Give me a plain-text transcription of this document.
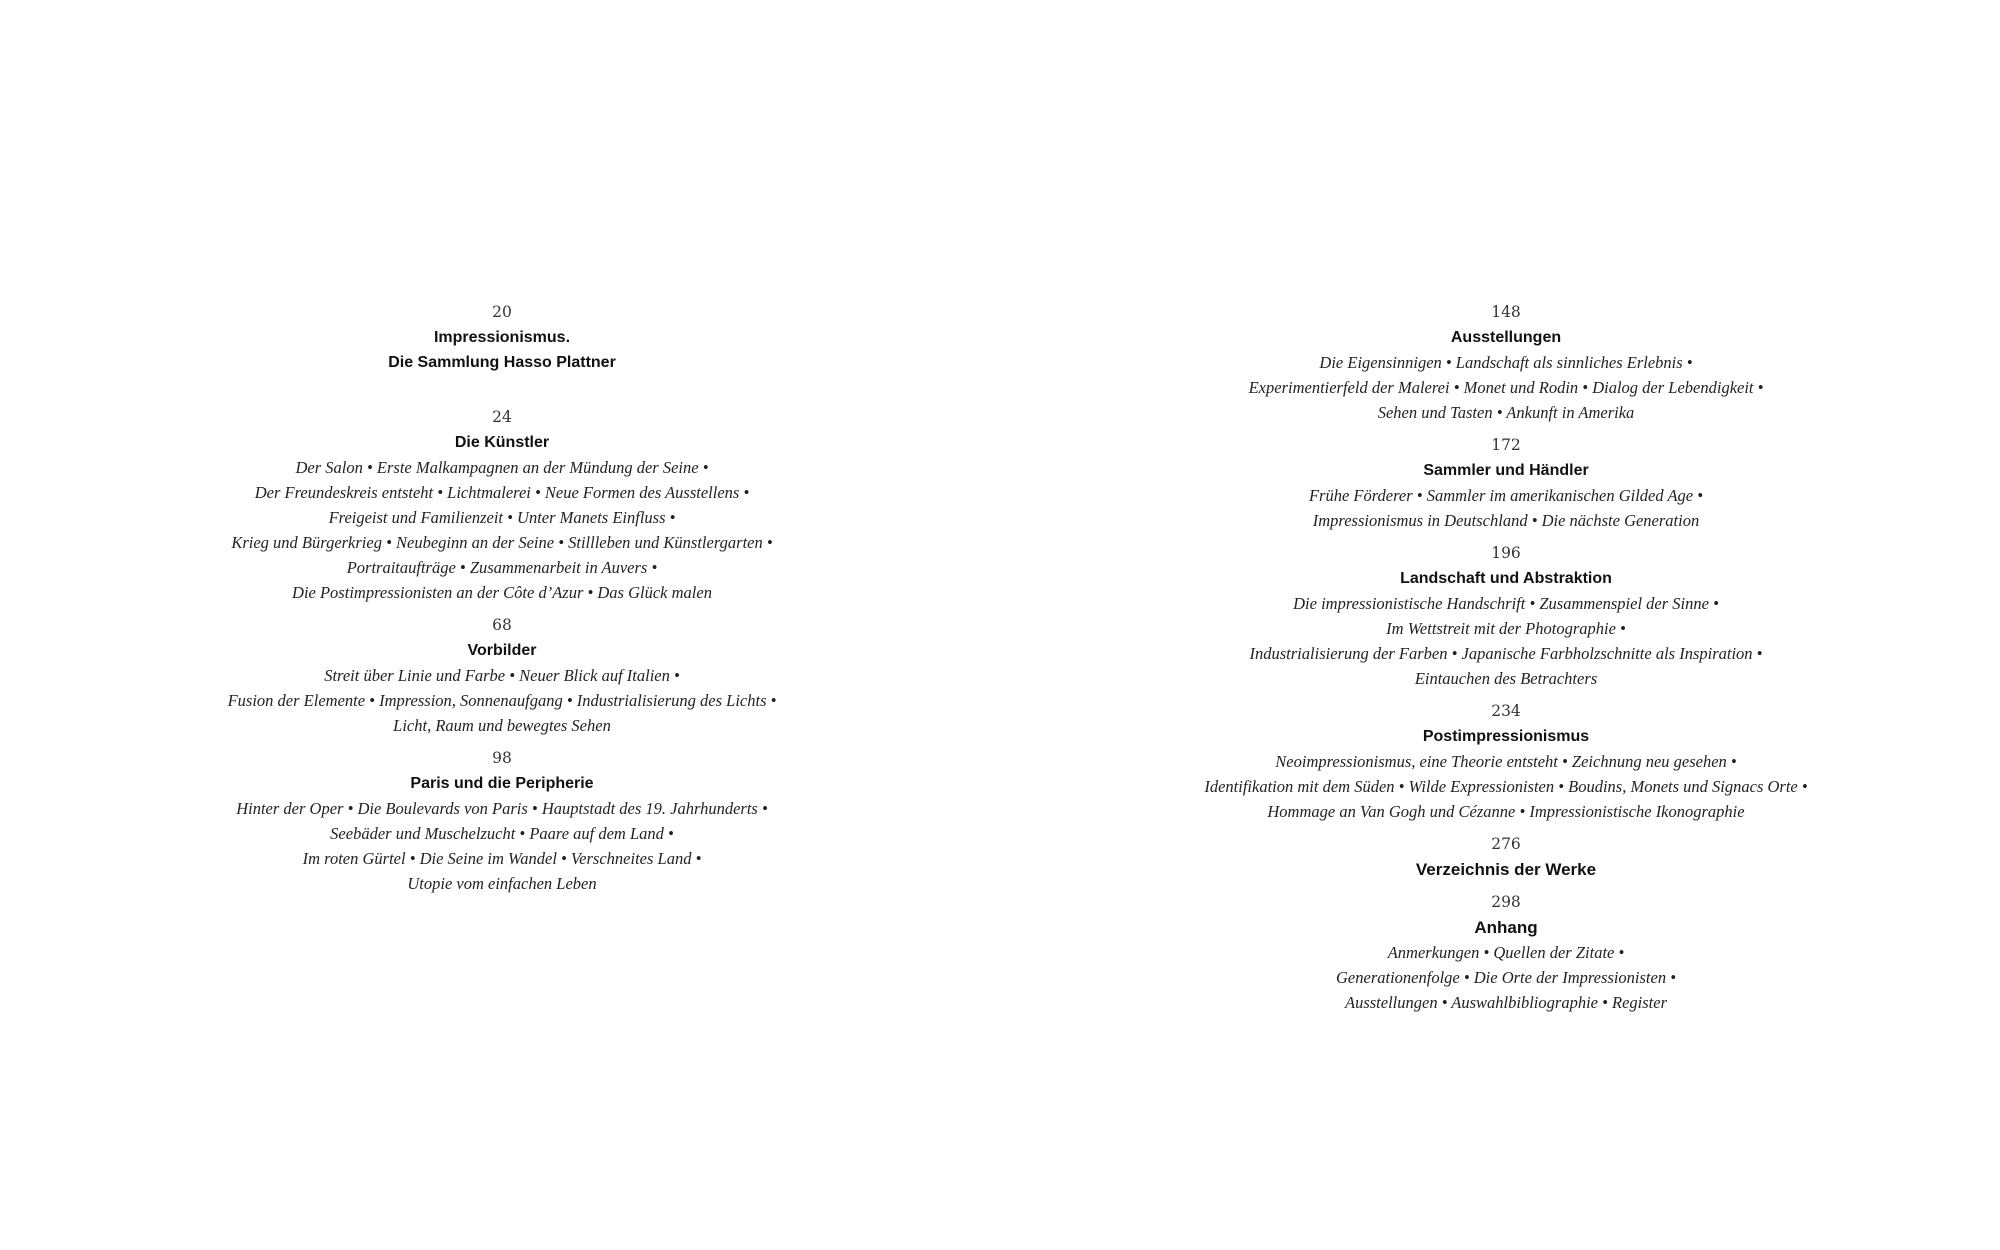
20
Impressionismus.
Die Sammlung Hasso Plattner
24
Die Künstler
Der Salon • Erste Malkampagnen an der Mündung der Seine •
Der Freundeskreis entsteht • Lichtmalerei • Neue Formen des Ausstellens •
Freigeist und Familienzeit • Unter Manets Einfluss •
Krieg und Bürgerkrieg • Neubeginn an der Seine • Stillleben und Künstlergarten •
Portraitaufträge • Zusammenarbeit in Auvers •
Die Postimpressionisten an der Côte d’Azur • Das Glück malen
68
Vorbilder
Streit über Linie und Farbe • Neuer Blick auf Italien •
Fusion der Elemente • Impression, Sonnenaufgang • Industrialisierung des Lichts •
Licht, Raum und bewegtes Sehen
98
Paris und die Peripherie
Hinter der Oper • Die Boulevards von Paris • Hauptstadt des 19. Jahrhunderts •
Seebäder und Muschelzucht • Paare auf dem Land •
Im roten Gürtel • Die Seine im Wandel • Verschneites Land •
Utopie vom einfachen Leben
148
Ausstellungen
Die Eigensinnigen • Landschaft als sinnliches Erlebnis •
Experimentierfeld der Malerei • Monet und Rodin • Dialog der Lebendigkeit •
Sehen und Tasten • Ankunft in Amerika
172
Sammler und Händler
Frühe Förderer • Sammler im amerikanischen Gilded Age •
Impressionismus in Deutschland • Die nächste Generation
196
Landschaft und Abstraktion
Die impressionistische Handschrift • Zusammenspiel der Sinne •
Im Wettstreit mit der Photographie •
Industrialisierung der Farben • Japanische Farbholzschnitte als Inspiration •
Eintauchen des Betrachters
234
Postimpressionismus
Neoimpressionismus, eine Theorie entsteht • Zeichnung neu gesehen •
Identifikation mit dem Süden • Wilde Expressionisten • Boudins, Monets und Signacs Orte •
Hommage an Van Gogh und Cézanne • Impressionistische Ikonographie
276
Verzeichnis der Werke
298
Anhang
Anmerkungen • Quellen der Zitate •
Generationenfolge • Die Orte der Impressionisten •
Ausstellungen • Auswahlbibliographie • Register
